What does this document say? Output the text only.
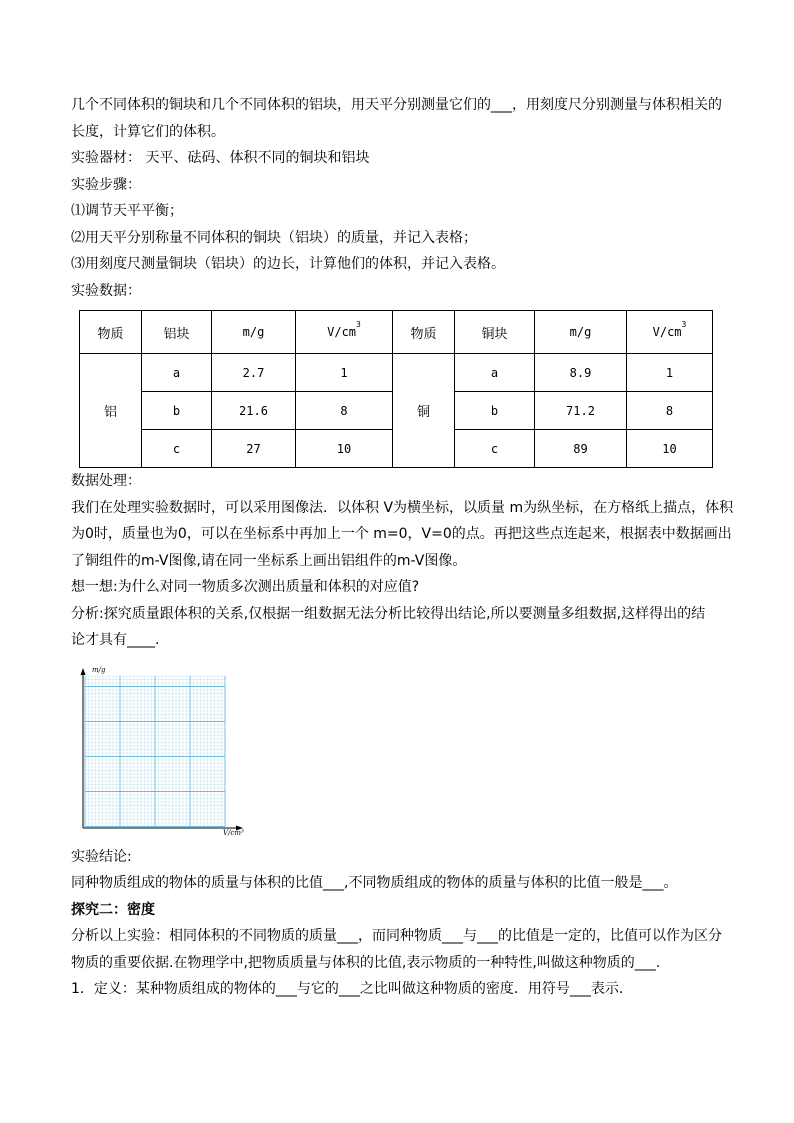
几个不同体积的铜块和几个不同体积的铝块，用天平分别测量它们的___，用刻度尺分别测量与体积相关的
长度，计算它们的体积。
实验器材： 天平、砝码、体积不同的铜块和铝块
实验步骤：
⑴调节天平平衡；
⑵用天平分别称量不同体积的铜块（铝块）的质量，并记入表格；
⑶用刻度尺测量铜块（铝块）的边长，计算他们的体积，并记入表格。
实验数据：
物质	铝块	m/g	$V/cm^3$	物质	铜块	m/g	$V/cm^3$
铝	a	2.7	1	铜	a	8.9	1
	b	21.6	8		b	71.2	8
	c	27	10		c	89	10
数据处理：
我们在处理实验数据时，可以采用图像法．以体积 V为横坐标，以质量 m为纵坐标，在方格纸上描点，体积
为0时，质量也为0，可以在坐标系中再加上一个 m=0，V=0的点。再把这些点连起来，根据表中数据画出
了铜组件的m-V图像,请在同一坐标系上画出铝组件的m-V图像。
想一想:为什么对同一物质多次测出质量和体积的对应值?
分析:探究质量跟体积的关系,仅根据一组数据无法分析比较得出结论,所以要测量多组数据,这样得出的结
论才具有____.
m/g
V/cm³
实验结论:
同种物质组成的物体的质量与体积的比值___,不同物质组成的物体的质量与体积的比值一般是___。
探究二：密度
分析以上实验：相同体积的不同物质的质量___，而同种物质___与___的比值是一定的，比值可以作为区分
物质的重要依据.在物理学中,把物质质量与体积的比值,表示物质的一种特性,叫做这种物质的___.
1．定义：某种物质组成的物体的___与它的___之比叫做这种物质的密度．用符号___表示．
